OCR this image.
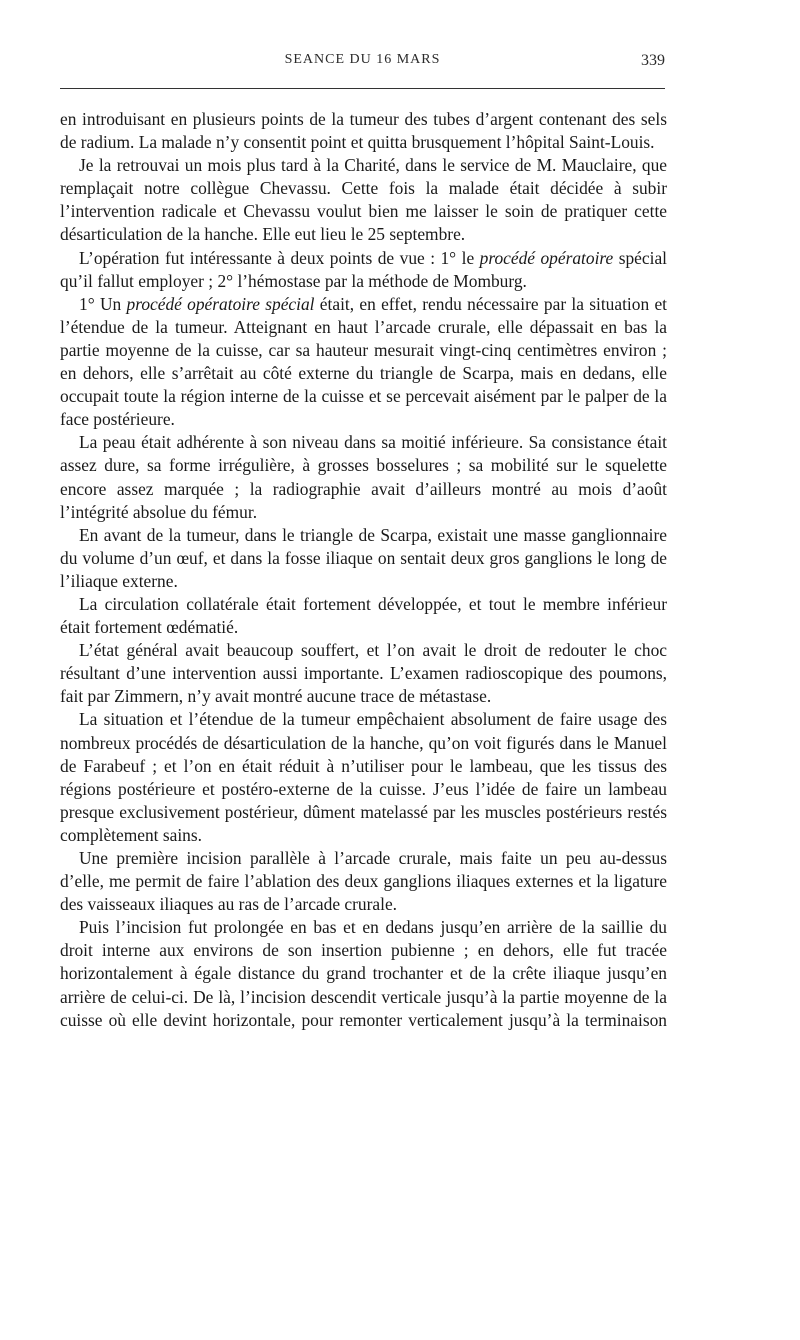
SEANCE DU 16 MARS	339

en introduisant en plusieurs points de la tumeur des tubes d’argent contenant des sels de radium. La malade n’y consentit point et quitta brusquement l’hôpital Saint-Louis.

Je la retrouvai un mois plus tard à la Charité, dans le service de M. Mauclaire, que remplaçait notre collègue Chevassu. Cette fois la malade était décidée à subir l’intervention radicale et Chevassu voulut bien me laisser le soin de pratiquer cette désarticulation de la hanche. Elle eut lieu le 25 septembre.

L’opération fut intéressante à deux points de vue : 1° le procédé opératoire spécial qu’il fallut employer ; 2° l’hémostase par la méthode de Momburg.

1° Un procédé opératoire spécial était, en effet, rendu nécessaire par la situation et l’étendue de la tumeur. Atteignant en haut l’arcade crurale, elle dépassait en bas la partie moyenne de la cuisse, car sa hauteur mesurait vingt-cinq centimètres environ ; en dehors, elle s’arrêtait au côté externe du triangle de Scarpa, mais en dedans, elle occupait toute la région interne de la cuisse et se percevait aisément par le palper de la face postérieure.

La peau était adhérente à son niveau dans sa moitié inférieure. Sa consistance était assez dure, sa forme irrégulière, à grosses bosselures ; sa mobilité sur le squelette encore assez marquée ; la radiographie avait d’ailleurs montré au mois d’août l’intégrité absolue du fémur.

En avant de la tumeur, dans le triangle de Scarpa, existait une masse ganglionnaire du volume d’un œuf, et dans la fosse iliaque on sentait deux gros ganglions le long de l’iliaque externe.

La circulation collatérale était fortement développée, et tout le membre inférieur était fortement œdématié.

L’état général avait beaucoup souffert, et l’on avait le droit de redouter le choc résultant d’une intervention aussi importante. L’examen radioscopique des poumons, fait par Zimmern, n’y avait montré aucune trace de métastase.

La situation et l’étendue de la tumeur empêchaient absolument de faire usage des nombreux procédés de désarticulation de la hanche, qu’on voit figurés dans le Manuel de Farabeuf ; et l’on en était réduit à n’utiliser pour le lambeau, que les tissus des régions postérieure et postéro-externe de la cuisse. J’eus l’idée de faire un lambeau presque exclusivement postérieur, dûment matelassé par les muscles postérieurs restés complètement sains.

Une première incision parallèle à l’arcade crurale, mais faite un peu au-dessus d’elle, me permit de faire l’ablation des deux ganglions iliaques externes et la ligature des vaisseaux iliaques au ras de l’arcade crurale.

Puis l’incision fut prolongée en bas et en dedans jusqu’en arrière de la saillie du droit interne aux environs de son insertion pubienne ; en dehors, elle fut tracée horizontalement à égale distance du grand trochanter et de la crête iliaque jusqu’en arrière de celui-ci. De là, l’incision descendit verticale jusqu’à la partie moyenne de la cuisse où elle devint horizontale, pour remonter verticalement jusqu’à la terminaison
